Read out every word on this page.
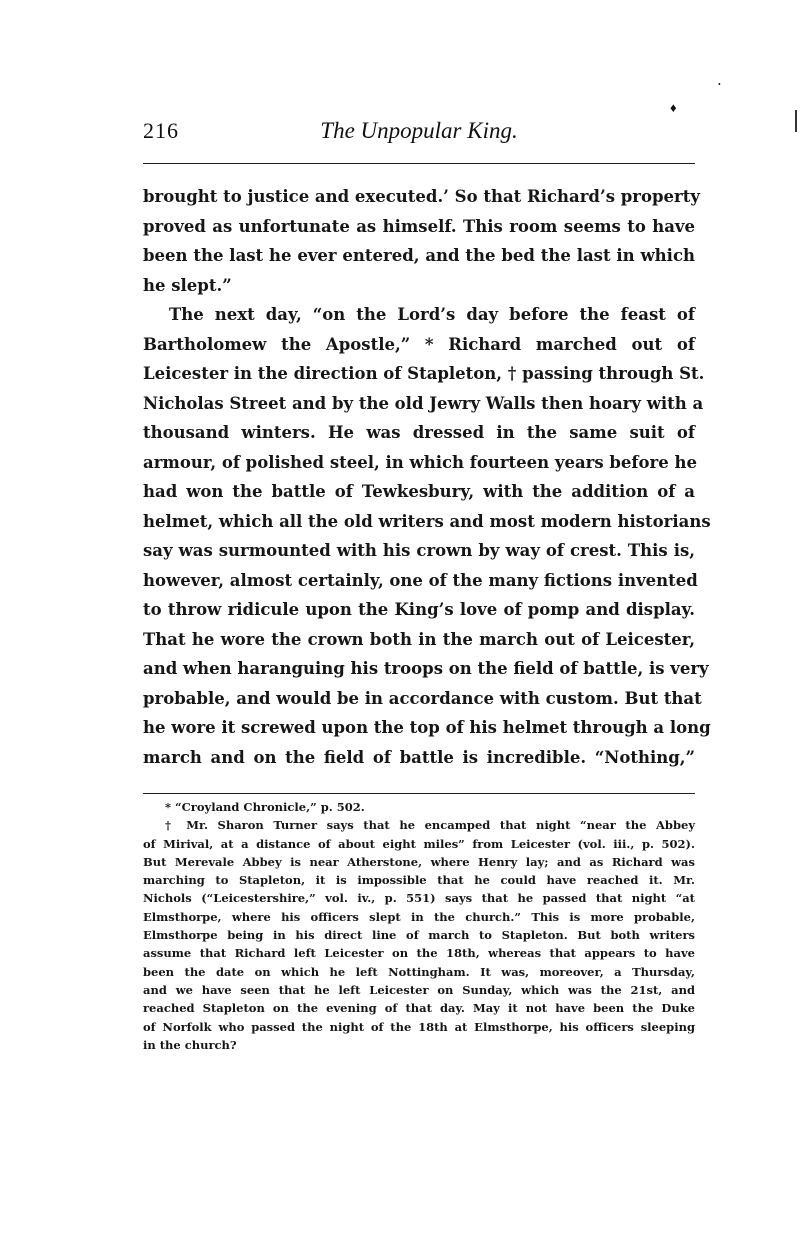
216	The Unpopular King.
♦
•
brought to justice and executed.’ So that Richard’s property
proved as unfortunate as himself. This room seems to have
been the last he ever entered, and the bed the last in which
he slept.”
The next day, “on the Lord’s day before the feast of
Bartholomew the Apostle,” * Richard marched out of
Leicester in the direction of Stapleton, † passing through St.
Nicholas Street and by the old Jewry Walls then hoary with a
thousand winters. He was dressed in the same suit of
armour, of polished steel, in which fourteen years before he
had won the battle of Tewkesbury, with the addition of a
helmet, which all the old writers and most modern historians
say was surmounted with his crown by way of crest. This is,
however, almost certainly, one of the many fictions invented
to throw ridicule upon the King’s love of pomp and display.
That he wore the crown both in the march out of Leicester,
and when haranguing his troops on the field of battle, is very
probable, and would be in accordance with custom. But that
he wore it screwed upon the top of his helmet through a long
march and on the field of battle is incredible. “Nothing,”
* “Croyland Chronicle,” p. 502.
† Mr. Sharon Turner says that he encamped that night “near the Abbey
of Mirival, at a distance of about eight miles” from Leicester (vol. iii., p. 502).
But Merevale Abbey is near Atherstone, where Henry lay; and as Richard was
marching to Stapleton, it is impossible that he could have reached it. Mr.
Nichols (“Leicestershire,” vol. iv., p. 551) says that he passed that night “at
Elmsthorpe, where his officers slept in the church.” This is more probable,
Elmsthorpe being in his direct line of march to Stapleton. But both writers
assume that Richard left Leicester on the 18th, whereas that appears to have
been the date on which he left Nottingham. It was, moreover, a Thursday,
and we have seen that he left Leicester on Sunday, which was the 21st, and
reached Stapleton on the evening of that day. May it not have been the Duke
of Norfolk who passed the night of the 18th at Elmsthorpe, his officers sleeping
in the church?
